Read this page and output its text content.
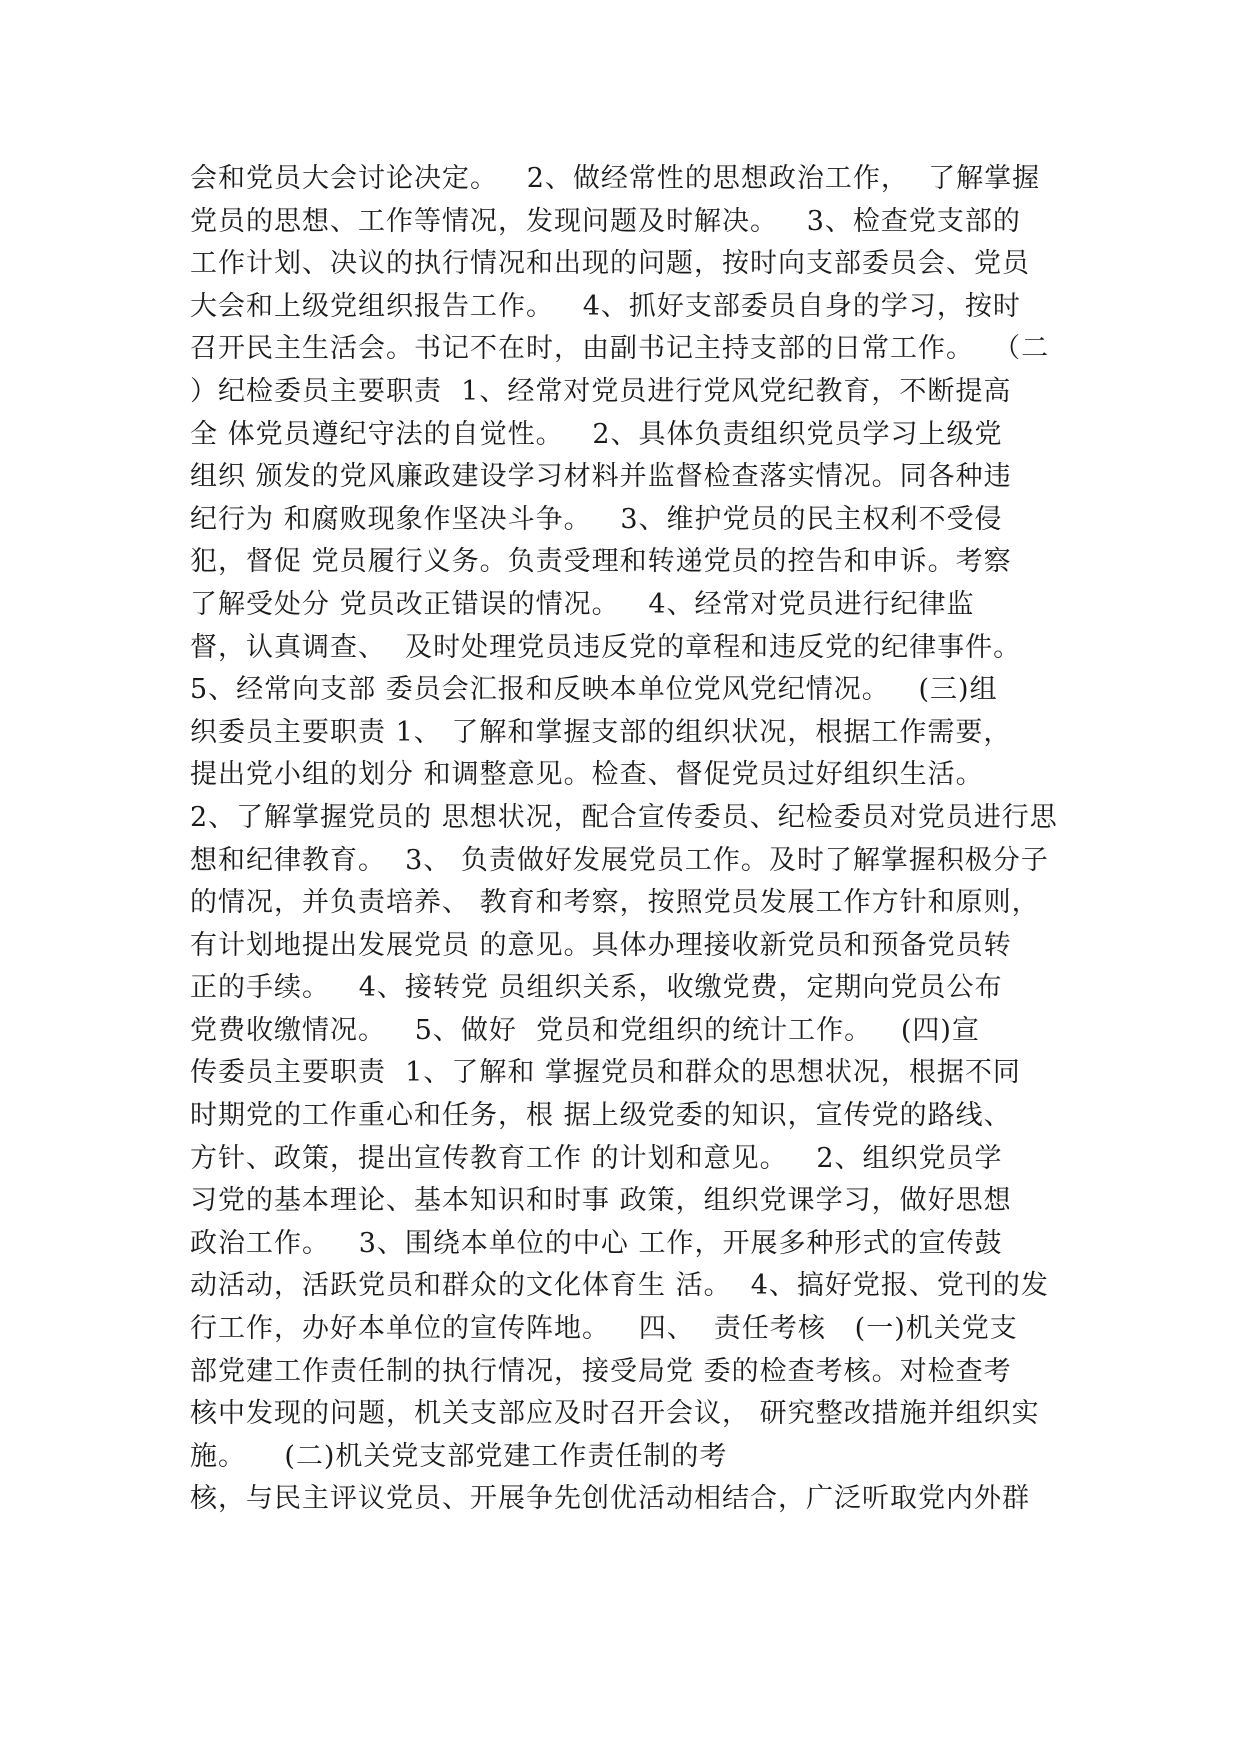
会和党员大会讨论决定。   2、做经常性的思想政治工作，  了解掌握
党员的思想、工作等情况，发现问题及时解决。   3、检查党支部的
工作计划、决议的执行情况和出现的问题，按时向支部委员会、党员
大会和上级党组织报告工作。   4、抓好支部委员自身的学习，按时
召开民主生活会。书记不在时，由副书记主持支部的日常工作。  （二
）纪检委员主要职责  1、经常对党员进行党风党纪教育，不断提高
全 体党员遵纪守法的自觉性。   2、具体负责组织党员学习上级党
组织 颁发的党风廉政建设学习材料并监督检查落实情况。同各种违
纪行为 和腐败现象作坚决斗争。   3、维护党员的民主权利不受侵
犯，督促 党员履行义务。负责受理和转递党员的控告和申诉。考察
了解受处分 党员改正错误的情况。   4、经常对党员进行纪律监
督，认真调查、  及时处理党员违反党的章程和违反党的纪律事件。
5、经常向支部 委员会汇报和反映本单位党风党纪情况。   (三)组
织委员主要职责 1、 了解和掌握支部的组织状况，根据工作需要，
提出党小组的划分 和调整意见。检查、督促党员过好组织生活。
2、了解掌握党员的 思想状况，配合宣传委员、纪检委员对党员进行思
想和纪律教育。  3、 负责做好发展党员工作。及时了解掌握积极分子
的情况，并负责培养、 教育和考察，按照党员发展工作方针和原则，
有计划地提出发展党员 的意见。具体办理接收新党员和预备党员转
正的手续。   4、接转党 员组织关系，收缴党费，定期向党员公布
党费收缴情况。   5、做好  党员和党组织的统计工作。   (四)宣
传委员主要职责  1、了解和 掌握党员和群众的思想状况，根据不同
时期党的工作重心和任务，根 据上级党委的知识，宣传党的路线、
方针、政策，提出宣传教育工作 的计划和意见。   2、组织党员学
习党的基本理论、基本知识和时事 政策，组织党课学习，做好思想
政治工作。   3、围绕本单位的中心 工作，开展多种形式的宣传鼓
动活动，活跃党员和群众的文化体育生 活。  4、搞好党报、党刊的发
行工作，办好本单位的宣传阵地。   四、  责任考核   (一)机关党支
部党建工作责任制的执行情况，接受局党 委的检查考核。对检查考
核中发现的问题，机关支部应及时召开会议， 研究整改措施并组织实
施。    (二)机关党支部党建工作责任制的考
核，与民主评议党员、开展争先创优活动相结合，广泛听取党内外群
